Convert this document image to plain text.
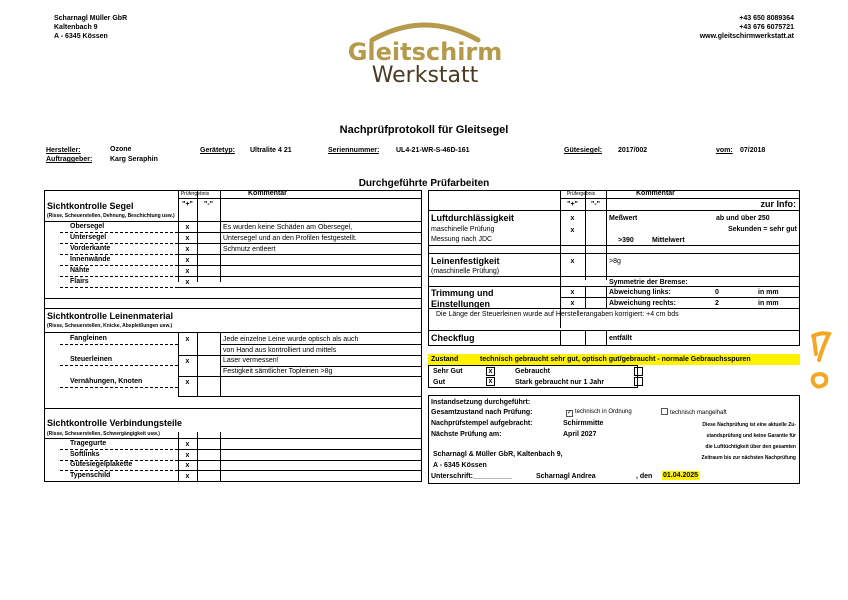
Scharnagl Müller GbR
Kaltenbach 9
A - 6345 Kössen
Gleitschirm
Werkstatt
+43 650 8089364
+43 676 6075721
www.gleitschirmwerkstatt.at
Nachprüfprotokoll für Gleitsegel
Hersteller:	Ozone
Auftraggeber:	Karg Seraphin
Gerätetyp: Ultralite 4 21	Seriennummer: UL4-21-WR-S-46D-161	Gütesiegel: 2017/002	vom: 07/2018
Durchgeführte Prüfarbeiten
Prüfergebnis	Kommentar
Sichtkontrolle Segel	"+"	"-"
(Risse, Scheuerstellen, Dehnung, Beschichtung usw.)
Obersegel	x	Es wurden keine Schäden am Obersegel,
Untersegel	x	Untersegel und an den Profilen festgestellt.
Vorderkante	x	Schmutz entleert
Innenwände	x
Nähte	x
Flairs	x
Sichtkontrolle Leinenmaterial
(Risse, Scheuerstellen, Knicke, Abspleißungen usw.)
Fangleinen	x	Jede einzelne Leine wurde optisch als auch
von Hand aus kontrolliert und mittels
Steuerleinen	x	Laser vermessen!
Festigkeit sämtlicher Topleinen >8g
Vernähungen, Knoten	x
Sichtkontrolle Verbindungsteile
(Risse, Scheuerstellen, Schwergängigkeit usw.)
Tragegurte	x
Softlinks	x
Gütesiegelplakette	x
Typenschild	x
Prüfergebnis	Kommentar
"+"	"-"	zur Info:
Luftdurchlässigkeit	x	Meßwert	ab und über 250
maschinelle Prüfung	x	Sekunden = sehr gut
Messung nach JDC	>390	Mittelwert
Leinenfestigkeit	x	>8g
(maschinelle Prüfung)
Symmetrie der Bremse:
Trimmung und	x	Abweichung links:	0	in mm
Einstellungen	x	Abweichung rechts:	2	in mm
Die Länge der Steuerleinen wurde auf Herstellerangaben korrigiert: +4 cm bds
Checkflug	entfällt
Zustand	technisch gebraucht sehr gut, optisch gut/gebraucht - normale Gebrauchsspuren
Sehr Gut	x	Gebraucht
Gut	x	Stark gebraucht nur 1 Jahr
Instandsetzung durchgeführt:
Gesamtzustand nach Prüfung:	✓ technisch in Ordnung	technisch mangelhaft
Nachprüfstempel aufgebracht:	Schirmmitte
Nächste Prüfung am:	April 2027
Scharnagl & Müller GbR, Kaltenbach 9,
A - 6345 Kössen
Unterschrift:__________	Scharnagl Andrea	, den 01.04.2025
Diese Nachprüfung ist eine aktuelle Zu-
standsprüfung und keine Garantie für
die Lufttüchtigkeit über den gesamten
Zeitraum bis zur nächsten Nachprüfung
